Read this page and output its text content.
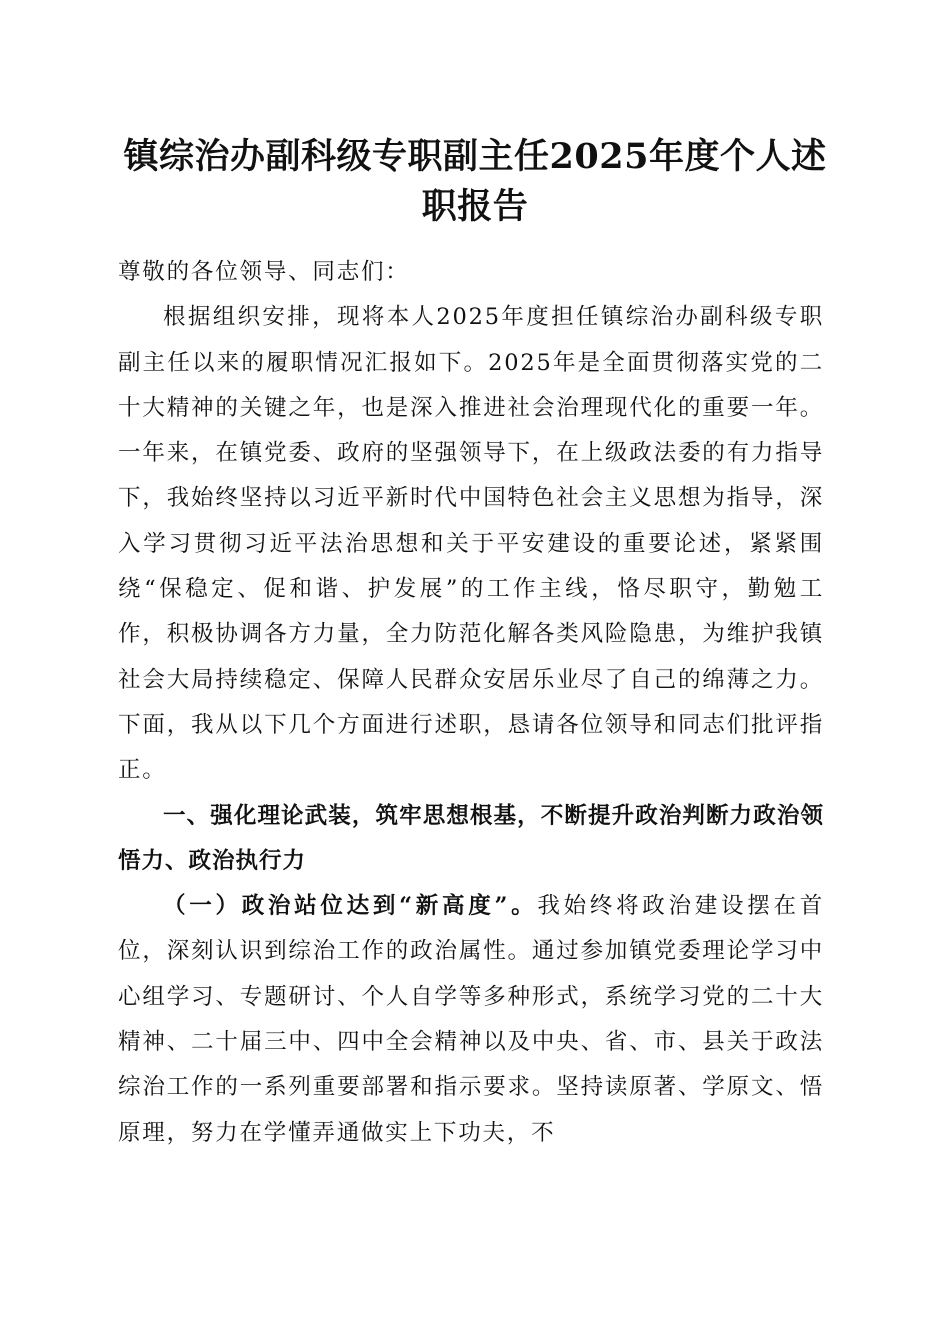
镇综治办副科级专职副主任2025年度个人述职报告

尊敬的各位领导、同志们：

根据组织安排，现将本人2025年度担任镇综治办副科级专职副主任以来的履职情况汇报如下。2025年是全面贯彻落实党的二十大精神的关键之年，也是深入推进社会治理现代化的重要一年。一年来，在镇党委、政府的坚强领导下，在上级政法委的有力指导下，我始终坚持以习近平新时代中国特色社会主义思想为指导，深入学习贯彻习近平法治思想和关于平安建设的重要论述，紧紧围绕“保稳定、促和谐、护发展”的工作主线，恪尽职守，勤勉工作，积极协调各方力量，全力防范化解各类风险隐患，为维护我镇社会大局持续稳定、保障人民群众安居乐业尽了自己的绵薄之力。下面，我从以下几个方面进行述职，恳请各位领导和同志们批评指正。

一、强化理论武装，筑牢思想根基，不断提升政治判断力政治领悟力、政治执行力

（一）政治站位达到“新高度”。我始终将政治建设摆在首位，深刻认识到综治工作的政治属性。通过参加镇党委理论学习中心组学习、专题研讨、个人自学等多种形式，系统学习党的二十大精神、二十届三中、四中全会精神以及中央、省、市、县关于政法综治工作的一系列重要部署和指示要求。坚持读原著、学原文、悟原理，努力在学懂弄通做实上下功夫，不
